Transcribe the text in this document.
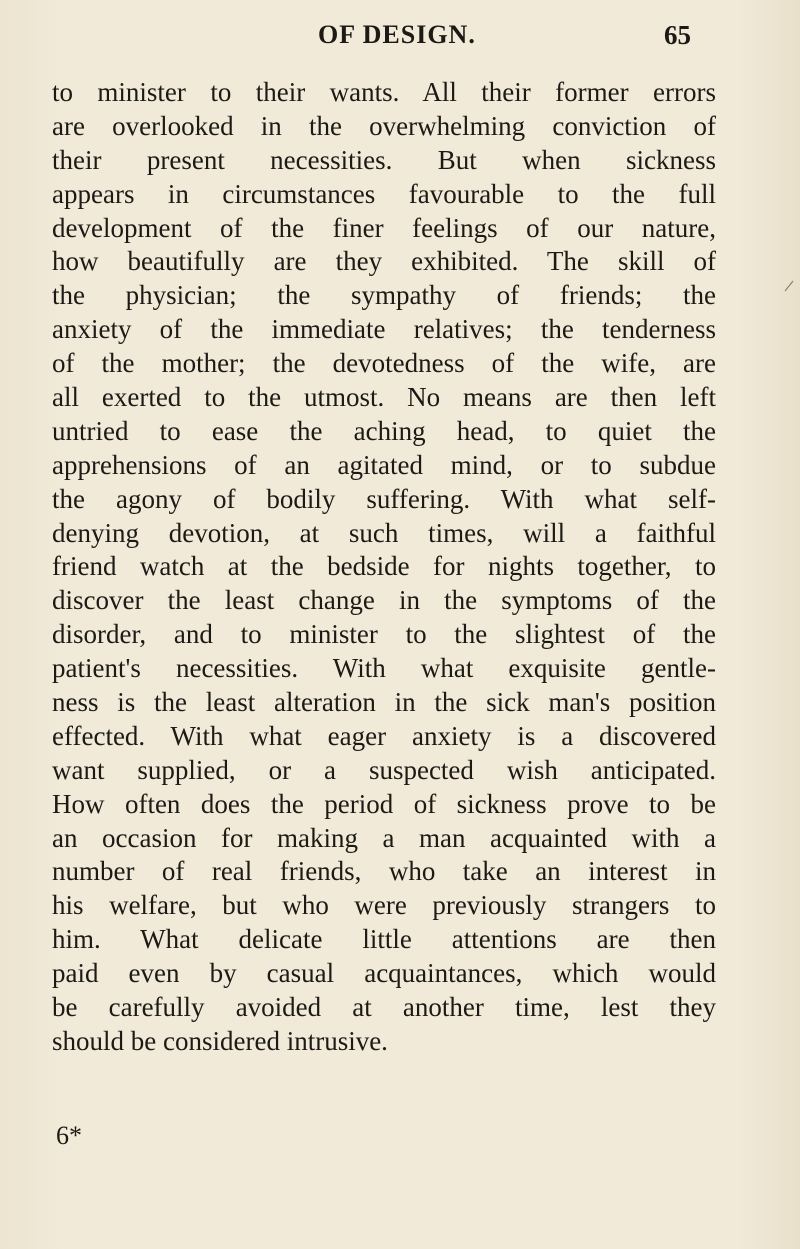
OF DESIGN.	65
to minister to their wants. All their former errors
are overlooked in the overwhelming conviction of
their present necessities. But when sickness
appears in circumstances favourable to the full
development of the finer feelings of our nature,
how beautifully are they exhibited. The skill of
the physician; the sympathy of friends; the
anxiety of the immediate relatives; the tenderness
of the mother; the devotedness of the wife, are
all exerted to the utmost. No means are then left
untried to ease the aching head, to quiet the
apprehensions of an agitated mind, or to subdue
the agony of bodily suffering. With what self-
denying devotion, at such times, will a faithful
friend watch at the bedside for nights together, to
discover the least change in the symptoms of the
disorder, and to minister to the slightest of the
patient's necessities. With what exquisite gentle-
ness is the least alteration in the sick man's position
effected. With what eager anxiety is a discovered
want supplied, or a suspected wish anticipated.
How often does the period of sickness prove to be
an occasion for making a man acquainted with a
number of real friends, who take an interest in
his welfare, but who were previously strangers to
him. What delicate little attentions are then
paid even by casual acquaintances, which would
be carefully avoided at another time, lest they
should be considered intrusive.
6*
